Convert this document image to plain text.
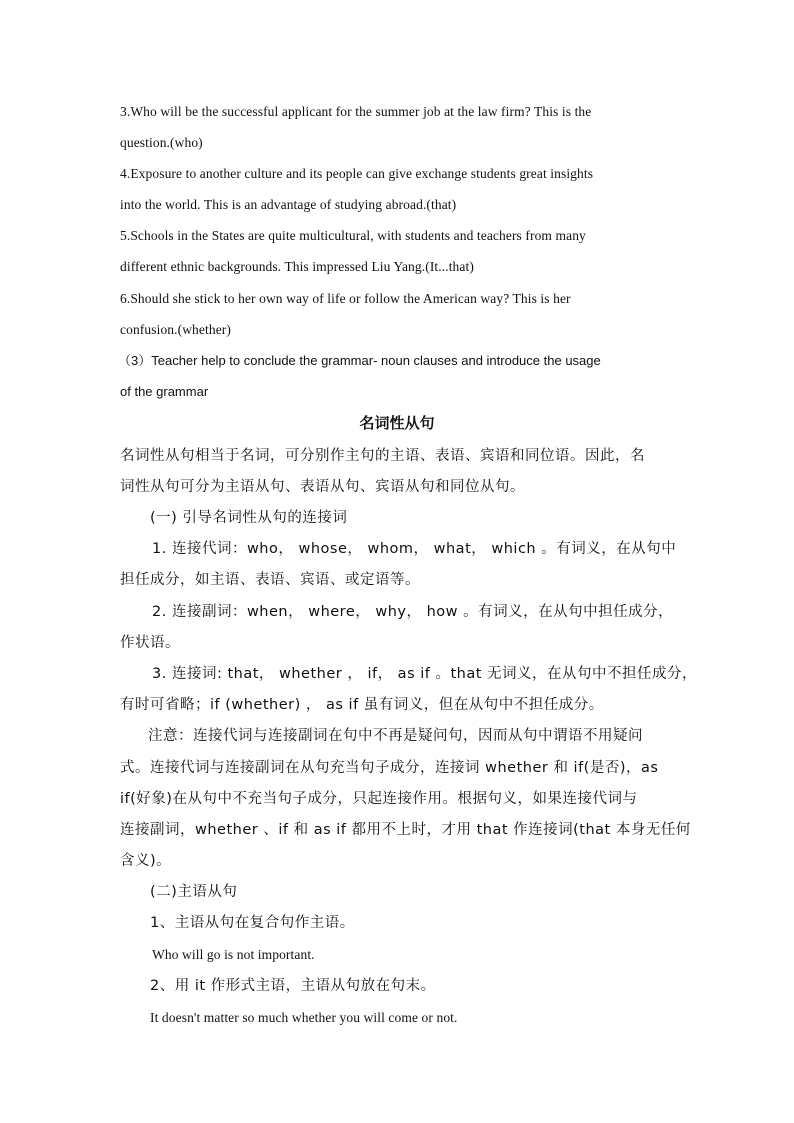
3.Who will be the successful applicant for the summer job at the law firm? This is the
question.(who)
4.Exposure to another culture and its people can give exchange students great insights
into the world. This is an advantage of studying abroad.(that)
5.Schools in the States are quite multicultural, with students and teachers from many
different ethnic backgrounds. This impressed Liu Yang.(It...that)
6.Should she stick to her own way of life or follow the American way? This is her
confusion.(whether)
（3）Teacher help to conclude the grammar- noun clauses and introduce the usage
of the grammar
名词性从句
名词性从句相当于名词，可分别作主句的主语、表语、宾语和同位语。因此，名
词性从句可分为主语从句、表语从句、宾语从句和同位从句。
(一) 引导名词性从句的连接词
1. 连接代词：who， whose， whom， what， which 。有词义，在从句中
担任成分，如主语、表语、宾语、或定语等。
2. 连接副词：when， where， why， how 。有词义，在从句中担任成分，
作状语。
3. 连接词: that， whether ， if， as if 。that 无词义，在从句中不担任成分，
有时可省略；if (whether) ， as if 虽有词义，但在从句中不担任成分。
注意：连接代词与连接副词在句中不再是疑问句，因而从句中谓语不用疑问
式。连接代词与连接副词在从句充当句子成分，连接词 whether 和 if(是否)，as
if(好象)在从句中不充当句子成分，只起连接作用。根据句义，如果连接代词与
连接副词，whether 、if 和 as if 都用不上时，才用 that 作连接词(that 本身无任何
含义)。
(二)主语从句
1、主语从句在复合句作主语。
Who will go is not important.
2、用 it 作形式主语，主语从句放在句末。
It doesn't matter so much whether you will come or not.
